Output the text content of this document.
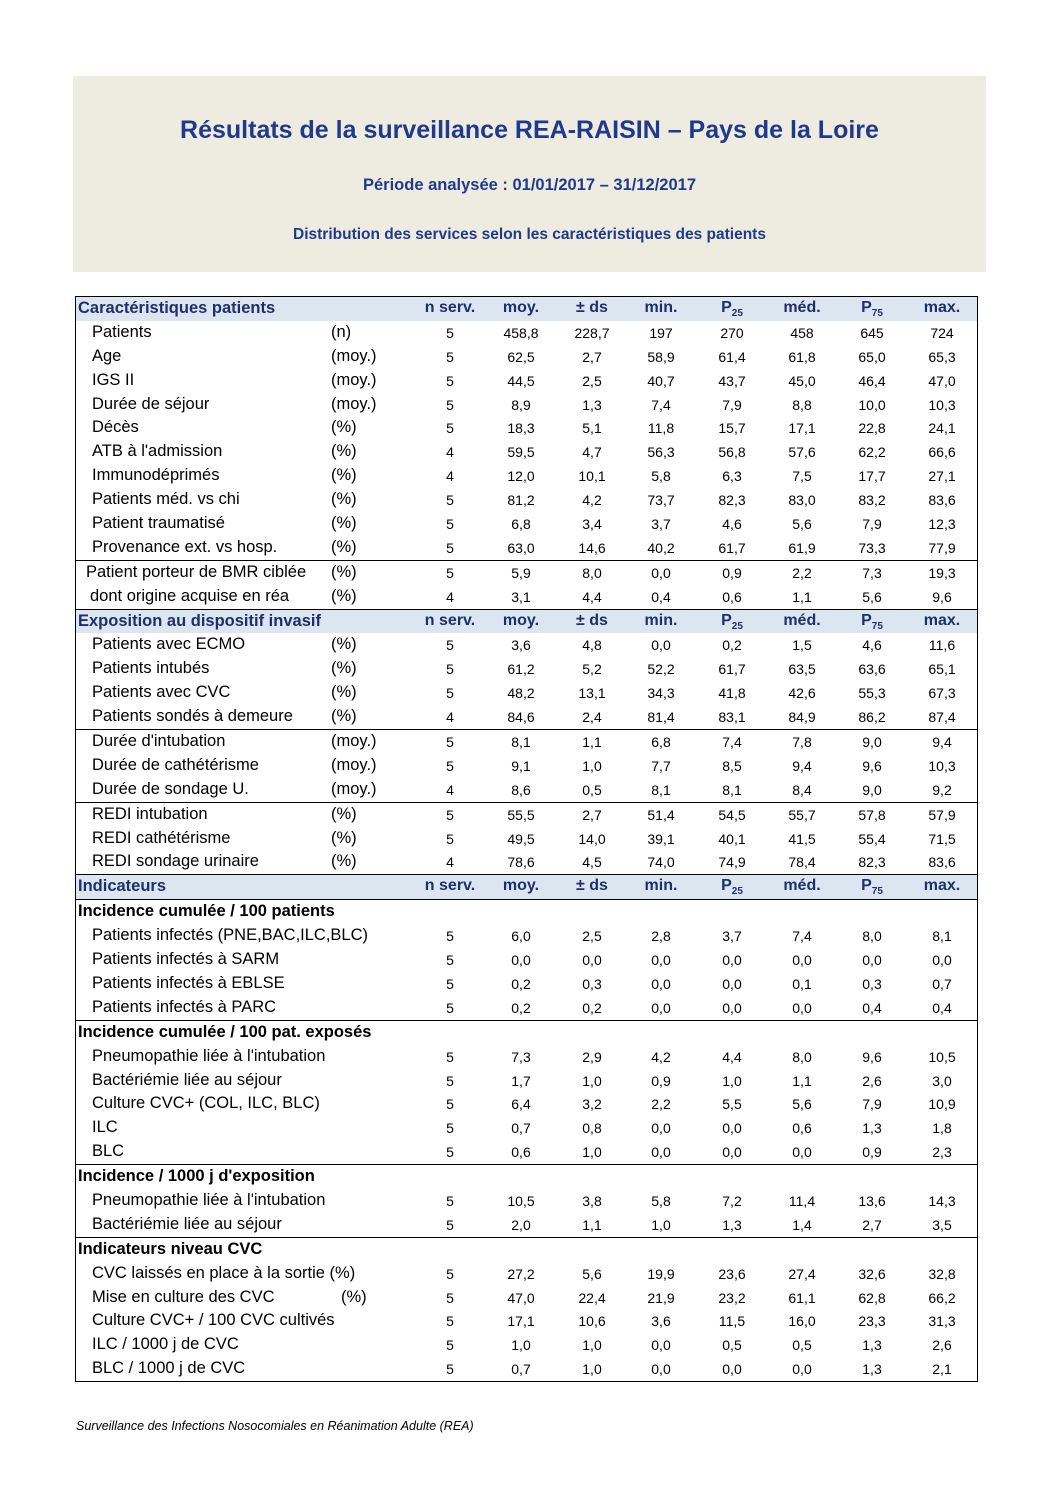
Résultats de la surveillance REA-RAISIN – Pays de la Loire
Période analysée : 01/01/2017 – 31/12/2017
Distribution des services selon les caractéristiques des patients
Caractéristiques patients	n serv.	moy.	± ds	min.	$P_{25}$	méd.	$P_{75}$	max.
Patients	(n)	5	458,8	228,7	197	270	458	645	724
Age	(moy.)	5	62,5	2,7	58,9	61,4	61,8	65,0	65,3
IGS II	(moy.)	5	44,5	2,5	40,7	43,7	45,0	46,4	47,0
Durée de séjour	(moy.)	5	8,9	1,3	7,4	7,9	8,8	10,0	10,3
Décès	(%)	5	18,3	5,1	11,8	15,7	17,1	22,8	24,1
ATB à l'admission	(%)	4	59,5	4,7	56,3	56,8	57,6	62,2	66,6
Immunodéprimés	(%)	4	12,0	10,1	5,8	6,3	7,5	17,7	27,1
Patients méd. vs chi	(%)	5	81,2	4,2	73,7	82,3	83,0	83,2	83,6
Patient traumatisé	(%)	5	6,8	3,4	3,7	4,6	5,6	7,9	12,3
Provenance ext. vs hosp.	(%)	5	63,0	14,6	40,2	61,7	61,9	73,3	77,9
Patient porteur de BMR ciblée (%)	5	5,9	8,0	0,0	0,9	2,2	7,3	19,3
dont origine acquise en réa	(%)	4	3,1	4,4	0,4	0,6	1,1	5,6	9,6
Exposition au dispositif invasif	n serv.	moy.	± ds	min.	$P_{25}$	méd.	$P_{75}$	max.
Patients avec ECMO	(%)	5	3,6	4,8	0,0	0,2	1,5	4,6	11,6
Patients intubés	(%)	5	61,2	5,2	52,2	61,7	63,5	63,6	65,1
Patients avec CVC	(%)	5	48,2	13,1	34,3	41,8	42,6	55,3	67,3
Patients sondés à demeure (%)	4	84,6	2,4	81,4	83,1	84,9	86,2	87,4
Durée d'intubation	(moy.)	5	8,1	1,1	6,8	7,4	7,8	9,0	9,4
Durée de cathétérisme	(moy.)	5	9,1	1,0	7,7	8,5	9,4	9,6	10,3
Durée de sondage U.	(moy.)	4	8,6	0,5	8,1	8,1	8,4	9,0	9,2
REDI intubation	(%)	5	55,5	2,7	51,4	54,5	55,7	57,8	57,9
REDI cathétérisme	(%)	5	49,5	14,0	39,1	40,1	41,5	55,4	71,5
REDI sondage urinaire	(%)	4	78,6	4,5	74,0	74,9	78,4	82,3	83,6
Indicateurs	n serv.	moy.	± ds	min.	$P_{25}$	méd.	$P_{75}$	max.
Incidence cumulée / 100 patients
Patients infectés (PNE,BAC,ILC,BLC)	5	6,0	2,5	2,8	3,7	7,4	8,0	8,1
Patients infectés à SARM	5	0,0	0,0	0,0	0,0	0,0	0,0	0,0
Patients infectés à EBLSE	5	0,2	0,3	0,0	0,0	0,1	0,3	0,7
Patients infectés à PARC	5	0,2	0,2	0,0	0,0	0,0	0,4	0,4
Incidence cumulée / 100 pat. exposés
Pneumopathie liée à l'intubation	5	7,3	2,9	4,2	4,4	8,0	9,6	10,5
Bactériémie liée au séjour	5	1,7	1,0	0,9	1,0	1,1	2,6	3,0
Culture CVC+ (COL, ILC, BLC)	5	6,4	3,2	2,2	5,5	5,6	7,9	10,9
ILC	5	0,7	0,8	0,0	0,0	0,6	1,3	1,8
BLC	5	0,6	1,0	0,0	0,0	0,0	0,9	2,3
Incidence / 1000 j d'exposition
Pneumopathie liée à l'intubation	5	10,5	3,8	5,8	7,2	11,4	13,6	14,3
Bactériémie liée au séjour	5	2,0	1,1	1,0	1,3	1,4	2,7	3,5
Indicateurs niveau CVC
CVC laissés en place à la sortie (%)	5	27,2	5,6	19,9	23,6	27,4	32,6	32,8
Mise en culture des CVC	(%)	5	47,0	22,4	21,9	23,2	61,1	62,8	66,2
Culture CVC+ / 100 CVC cultivés	5	17,1	10,6	3,6	11,5	16,0	23,3	31,3
ILC / 1000 j de CVC	5	1,0	1,0	0,0	0,5	0,5	1,3	2,6
BLC / 1000 j de CVC	5	0,7	1,0	0,0	0,0	0,0	1,3	2,1
Surveillance des Infections Nosocomiales en Réanimation Adulte (REA)
